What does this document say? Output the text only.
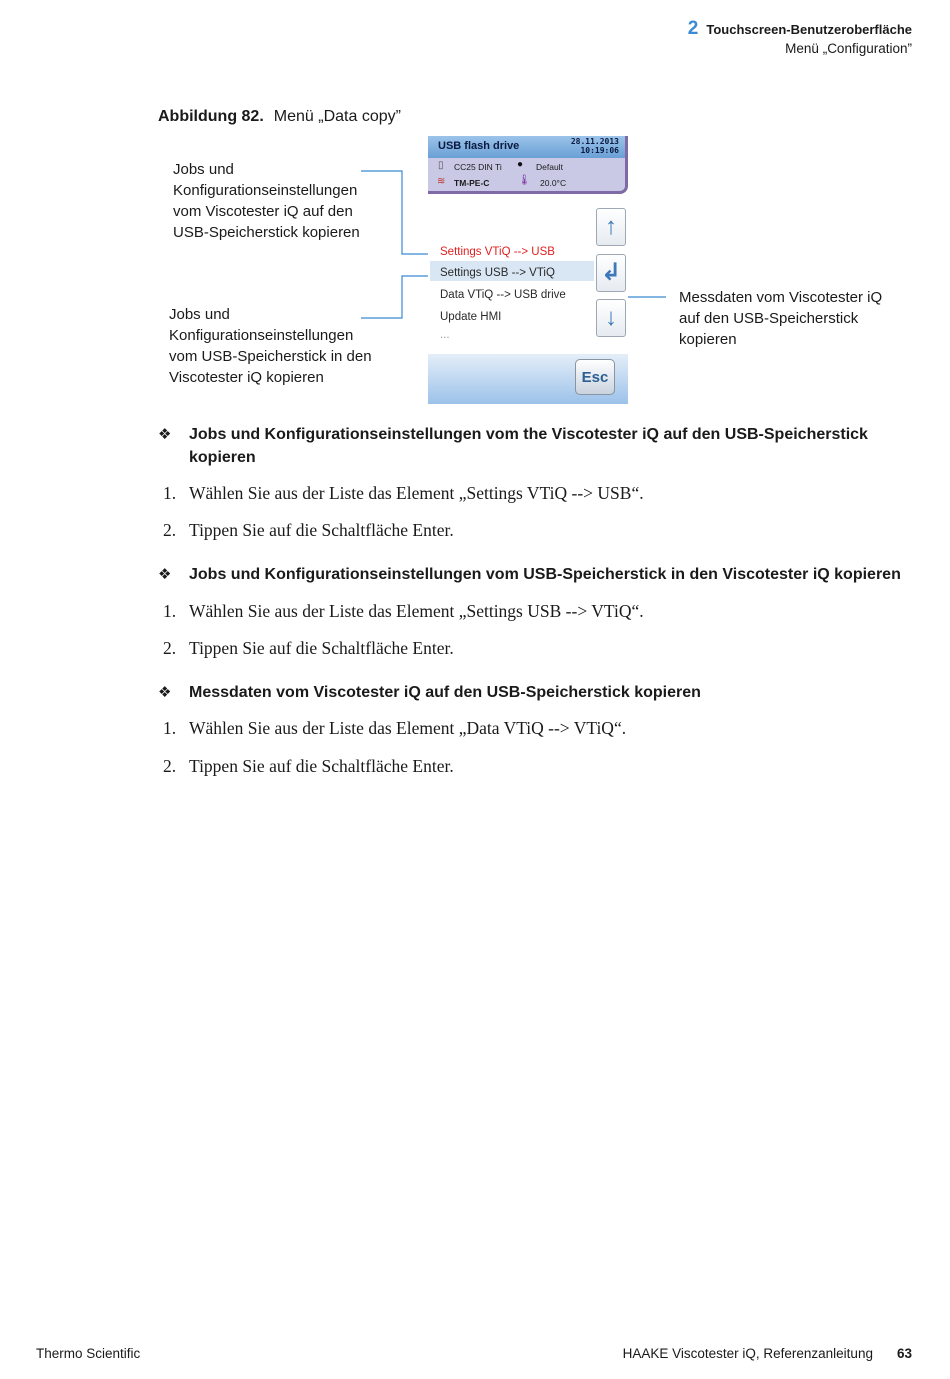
2 Touchscreen-Benutzeroberfläche
Menü „Configuration”
Abbildung 82. Menü „Data copy”
Jobs und
Konfigurationseinstellungen
vom Viscotester iQ auf den
USB-Speicherstick kopieren
Jobs und
Konfigurationseinstellungen
vom USB-Speicherstick in den
Viscotester iQ kopieren
Messdaten vom Viscotester iQ
auf den USB-Speicherstick
kopieren
USB flash drive	28.11.2013
10:19:06
▯ CC25 DIN Ti ● Default
≋ TM-PE-C	🌡 20.0°C
Settings VTiQ --> USB
Settings USB --> VTiQ
Data VTiQ --> USB drive
Update HMI
...
↑
↲
↓
Esc
❖ Jobs und Konfigurationseinstellungen vom the Viscotester iQ auf den USB-Speicherstick kopieren
1. Wählen Sie aus der Liste das Element „Settings VTiQ --> USB“.
2. Tippen Sie auf die Schaltfläche Enter.
❖ Jobs und Konfigurationseinstellungen vom USB-Speicherstick in den Viscotester iQ kopieren
1. Wählen Sie aus der Liste das Element „Settings USB --> VTiQ“.
2. Tippen Sie auf die Schaltfläche Enter.
❖ Messdaten vom Viscotester iQ auf den USB-Speicherstick kopieren
1. Wählen Sie aus der Liste das Element „Data VTiQ --> VTiQ“.
2. Tippen Sie auf die Schaltfläche Enter.
Thermo Scientific	HAAKE Viscotester iQ, Referenzanleitung 63
